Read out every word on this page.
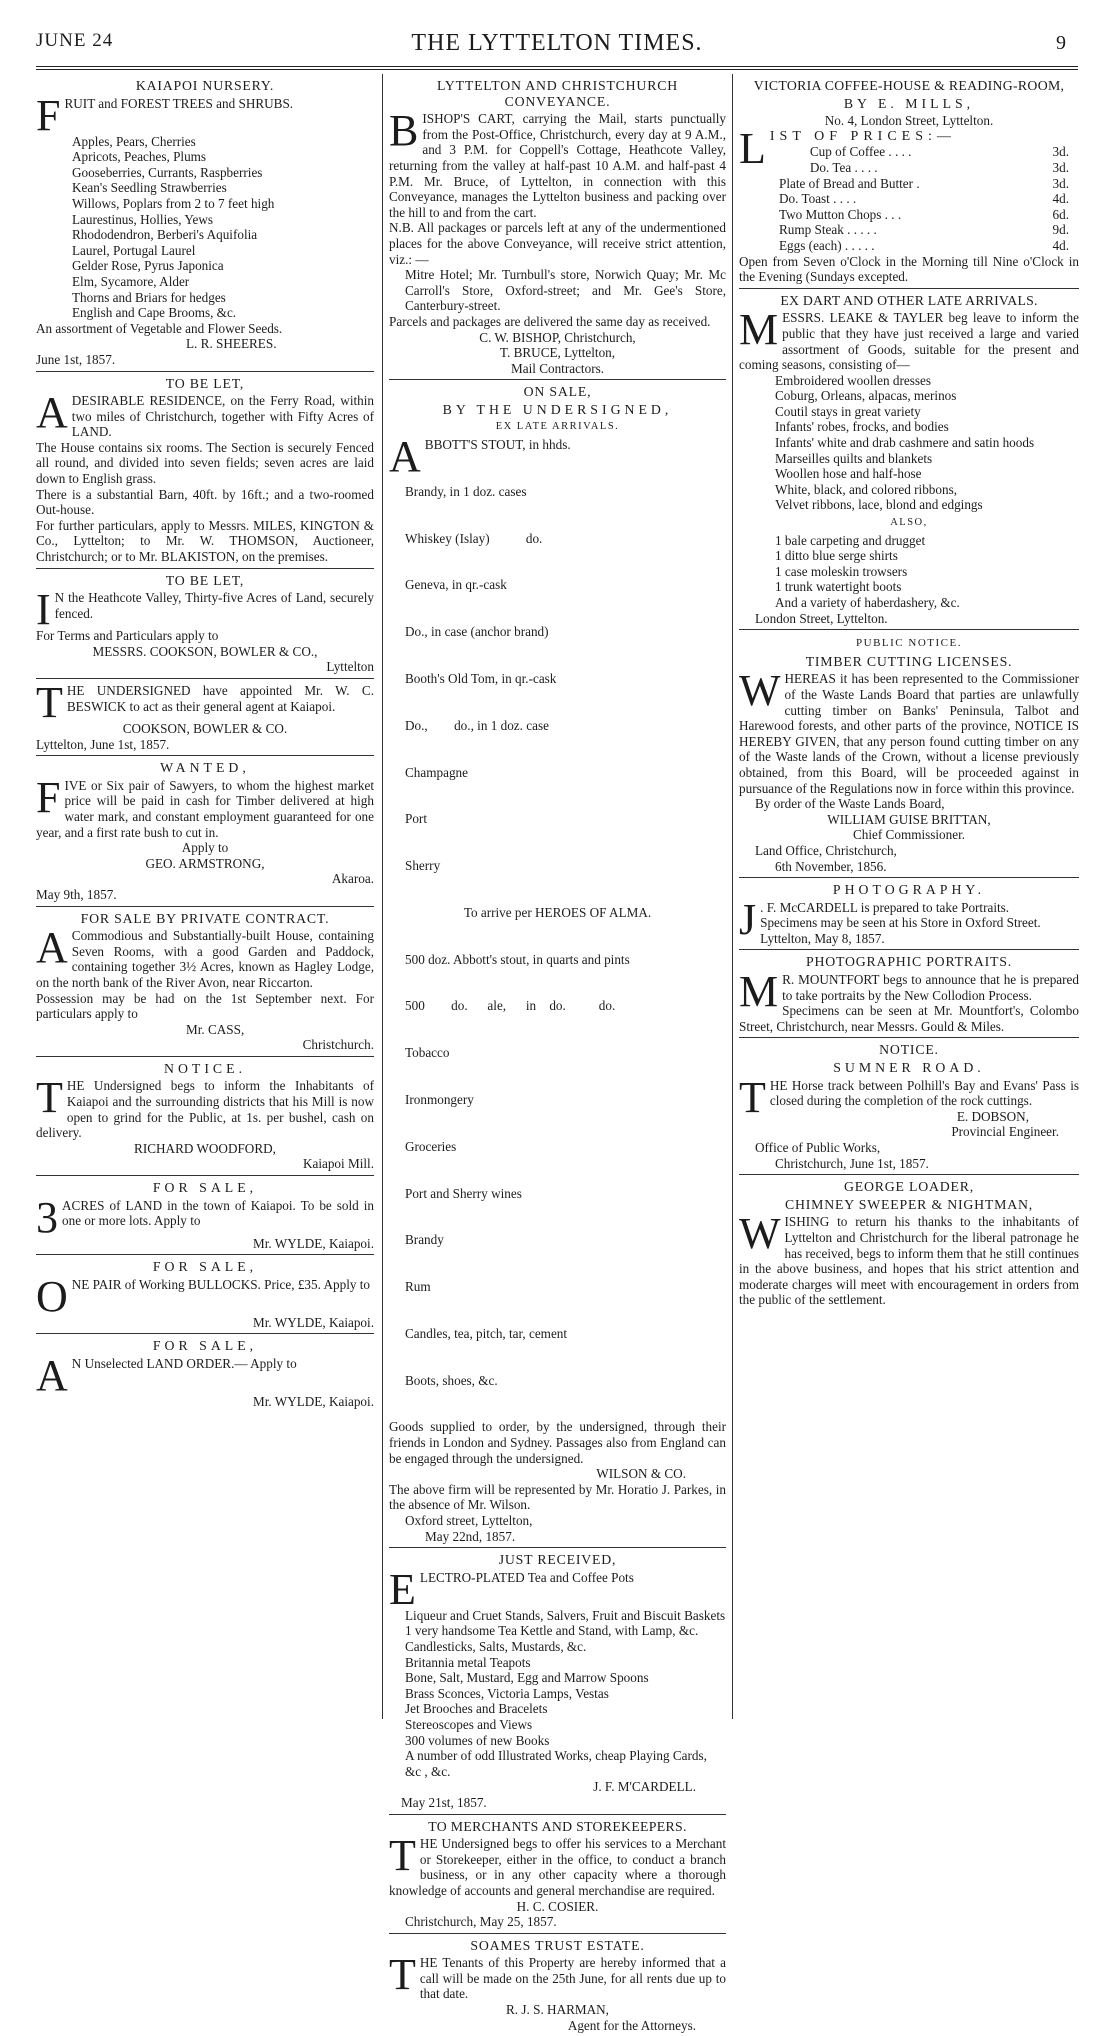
JUNE 24	THE LYTTELTON TIMES.	9
KAIAPOI NURSERY.

FRUIT and FOREST TREES and SHRUBS.

Apples, Pears, Cherries
Apricots, Peaches, Plums
Gooseberries, Currants, Raspberries
Kean's Seedling Strawberries
Willows, Poplars from 2 to 7 feet high
Laurestinus, Hollies, Yews
Rhododendron, Berberi's Aquifolia
Laurel, Portugal Laurel
Gelder Rose, Pyrus Japonica
Elm, Sycamore, Alder
Thorns and Briars for hedges
English and Cape Brooms, &c.
An assortment of Vegetable and Flower Seeds.
L. R. SHEERES.
June 1st, 1857.
TO BE LET,

ADESIRABLE RESIDENCE, on the Ferry Road, within two miles of Christchurch, together with Fifty Acres of LAND.

The House contains six rooms. The Section is securely Fenced all round, and divided into seven fields; seven acres are laid down to English grass.

There is a substantial Barn, 40ft. by 16ft.; and a two-roomed Out-house.

For further particulars, apply to Messrs. MILES, KINGTON & Co., Lyttelton; to Mr. W. THOMSON, Auctioneer, Christchurch; or to Mr. BLAKISTON, on the premises.

TO BE LET,

I N the Heathcote Valley, Thirty-five Acres of Land, securely fenced.

For Terms and Particulars apply to
MESSRS. COOKSON, BOWLER & CO.,
Lyttelton

THE UNDERSIGNED have appointed Mr. W. C. BESWICK to act as their general agent at Kaiapoi.

COOKSON, BOWLER & CO.
Lyttelton, June 1st, 1857.
WANTED,

FIVE or Six pair of Sawyers, to whom the highest market price will be paid in cash for Timber delivered at high water mark, and constant employment guaranteed for one year, and a first rate bush to cut in.

Apply to
GEO. ARMSTRONG,
Akaroa.
May 9th, 1857.
FOR SALE BY PRIVATE CONTRACT.

A Commodious and Substantially-built House, containing Seven Rooms, with a good Garden and Paddock, containing together 3½ Acres, known as Hagley Lodge, on the north bank of the River Avon, near Riccarton.

Possession may be had on the 1st September next. For particulars apply to

Mr. CASS,
Christchurch.
NOTICE.

THE Undersigned begs to inform the Inhabitants of Kaiapoi and the surrounding districts that his Mill is now open to grind for the Public, at 1s. per bushel, cash on delivery.

RICHARD WOODFORD,
Kaiapoi Mill.
FOR SALE,

3 ACRES of LAND in the town of Kaiapoi. To be sold in one or more lots. Apply to

Mr. WYLDE, Kaiapoi.
FOR SALE,

ONE PAIR of Working BULLOCKS. Price, £35. Apply to

Mr. WYLDE, Kaiapoi.
FOR SALE,

A N Unselected LAND ORDER.— Apply to

Mr. WYLDE, Kaiapoi.
LYTTELTON AND CHRISTCHURCH CONVEYANCE.

BISHOP'S CART, carrying the Mail, starts punctually from the Post-Office, Christchurch, every day at 9 A.M., and 3 P.M. for Coppell's Cottage, Heathcote Valley, returning from the valley at half-past 10 A.M. and half-past 4 P.M. Mr. Bruce, of Lyttelton, in connection with this Conveyance, manages the Lyttelton business and packing over the hill to and from the cart.

N.B. All packages or parcels left at any of the undermentioned places for the above Conveyance, will receive strict attention, viz.: —

Mitre Hotel; Mr. Turnbull's store, Norwich Quay; Mr. Mc Carroll's Store, Oxford-street; and Mr. Gee's Store, Canterbury-street.

Parcels and packages are delivered the same day as received.

C. W. BISHOP, Christchurch,
T. BRUCE, Lyttelton,
Mail Contractors.
ON SALE,
BY THE UNDERSIGNED,
EX LATE ARRIVALS.

ABBOTT'S STOUT, in hhds.

Brandy, in 1 doz. cases

Whiskey (Islay)           do.

Geneva, in qr.-cask

Do., in case (anchor brand)

Booth's Old Tom, in qr.-cask

Do.,        do., in 1 doz. case

Champagne

Port

Sherry

To arrive per HEROES OF ALMA.

500 doz. Abbott's stout, in quarts and pints

500        do.      ale,      in    do.          do.

Tobacco

Ironmongery

Groceries

Port and Sherry wines

Brandy

Rum

Candles, tea, pitch, tar, cement

Boots, shoes, &c.

Goods supplied to order, by the undersigned, through their friends in London and Sydney. Passages also from England can be engaged through the undersigned.

WILSON & CO.

The above firm will be represented by Mr. Horatio J. Parkes, in the absence of Mr. Wilson.

Oxford street, Lyttelton,
May 22nd, 1857.
JUST RECEIVED,

ELECTRO-PLATED Tea and Coffee Pots

Liqueur and Cruet Stands, Salvers, Fruit and Biscuit Baskets
1 very handsome Tea Kettle and Stand, with Lamp, &c.
Candlesticks, Salts, Mustards, &c.
Britannia metal Teapots
Bone, Salt, Mustard, Egg and Marrow Spoons
Brass Sconces, Victoria Lamps, Vestas
Jet Brooches and Bracelets
Stereoscopes and Views
300 volumes of new Books
A number of odd Illustrated Works, cheap Playing Cards, &c , &c.
J. F. M'CARDELL.
May 21st, 1857.
TO MERCHANTS AND STOREKEEPERS.

THE Undersigned begs to offer his services to a Merchant or Storekeeper, either in the office, to conduct a branch business, or in any other capacity where a thorough knowledge of accounts and general merchandise are required.

H. C. COSIER.
Christchurch, May 25, 1857.
SOAMES TRUST ESTATE.

THE Tenants of this Property are hereby informed that a call will be made on the 25th June, for all rents due up to that date.

R. J. S. HARMAN,
Agent for the Attorneys.
VICTORIA COFFEE-HOUSE & READING-ROOM,
BY E. MILLS,
No. 4, London Street, Lyttelton.

LIST OF PRICES:—

Cup of Coffee . . . .	3d.
Do. Tea . . . .	3d.
Plate of Bread and Butter .	3d.
Do. Toast . . . .	4d.
Two Mutton Chops . . .	6d.
Rump Steak . . . . .	9d.
Eggs (each) . . . . .	4d.

Open from Seven o'Clock in the Morning till Nine o'Clock in the Evening (Sundays excepted.

EX DART AND OTHER LATE ARRIVALS.

MESSRS. LEAKE & TAYLER beg leave to inform the public that they have just received a large and varied assortment of Goods, suitable for the present and coming seasons, consisting of—

Embroidered woollen dresses
Coburg, Orleans, alpacas, merinos
Coutil stays in great variety
Infants' robes, frocks, and bodies
Infants' white and drab cashmere and satin hoods
Marseilles quilts and blankets
Woollen hose and half-hose
White, black, and colored ribbons,
Velvet ribbons, lace, blond and edgings
ALSO,
1 bale carpeting and drugget
1 ditto blue serge shirts
1 case moleskin trowsers
1 trunk watertight boots
And a variety of haberdashery, &c.
London Street, Lyttelton.
PUBLIC NOTICE.
TIMBER CUTTING LICENSES.

WHEREAS it has been represented to the Commissioner of the Waste Lands Board that parties are unlawfully cutting timber on Banks' Peninsula, Talbot and Harewood forests, and other parts of the province, NOTICE IS HEREBY GIVEN, that any person found cutting timber on any of the Waste lands of the Crown, without a license previously obtained, from this Board, will be proceeded against in pursuance of the Regulations now in force within this province.

By order of the Waste Lands Board,
WILLIAM GUISE BRITTAN,
Chief Commissioner.
Land Office, Christchurch,
6th November, 1856.
PHOTOGRAPHY.

J . F. McCARDELL is prepared to take Portraits.

Specimens may be seen at his Store in Oxford Street.

Lyttelton, May 8, 1857.
PHOTOGRAPHIC PORTRAITS.

M R. MOUNTFORT begs to announce that he is prepared to take portraits by the New Collodion Process.

Specimens can be seen at Mr. Mountfort's, Colombo Street, Christchurch, near Messrs. Gould & Miles.

NOTICE.
SUMNER ROAD.

THE Horse track between Polhill's Bay and Evans' Pass is closed during the completion of the rock cuttings.

E. DOBSON,
Provincial Engineer.
Office of Public Works,
Christchurch, June 1st, 1857.
GEORGE LOADER,
CHIMNEY SWEEPER & NIGHTMAN,

WISHING to return his thanks to the inhabitants of Lyttelton and Christchurch for the liberal patronage he has received, begs to inform them that he still continues in the above business, and hopes that his strict attention and moderate charges will meet with encouragement in orders from the public of the settlement.
